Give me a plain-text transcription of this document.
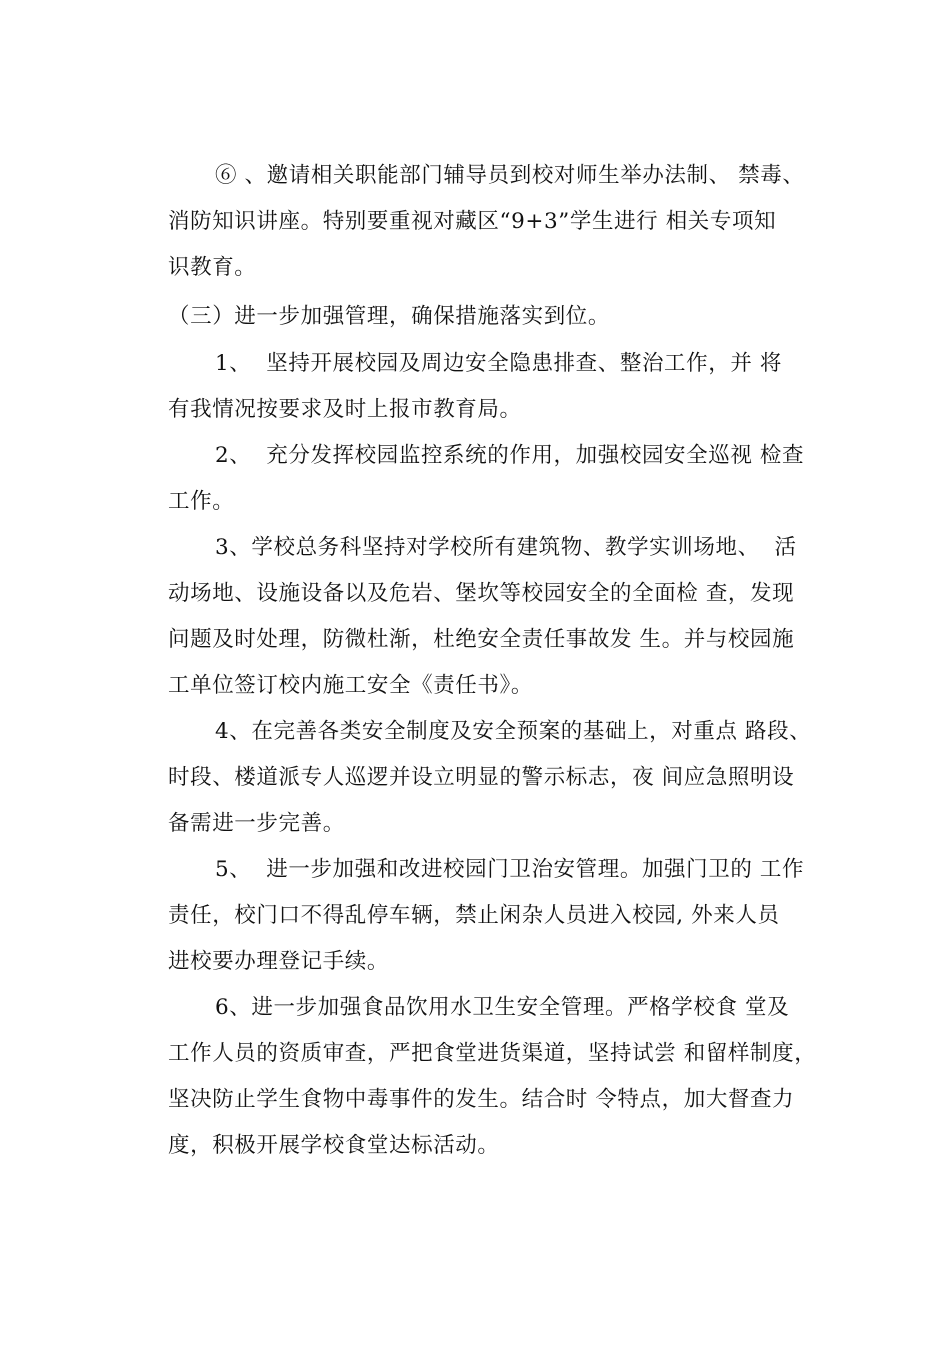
⑥ 、邀请相关职能部门辅导员到校对师生举办法制、 禁毒、
消防知识讲座。特别要重视对藏区“9+3”学生进行 相关专项知
识教育。
（三）进一步加强管理，确保措施落实到位。
1、  坚持开展校园及周边安全隐患排查、整治工作，并 将
有我情况按要求及时上报市教育局。
2、  充分发挥校园监控系统的作用，加强校园安全巡视 检查
工作。
3、学校总务科坚持对学校所有建筑物、教学实训场地、  活
动场地、设施设备以及危岩、堡坎等校园安全的全面检 查，发现
问题及时处理，防微杜渐，杜绝安全责任事故发 生。并与校园施
工单位签订校内施工安全《责任书》。
4、在完善各类安全制度及安全预案的基础上，对重点 路段、
时段、楼道派专人巡逻并设立明显的警示标志，夜 间应急照明设
备需进一步完善。
5、  进一步加强和改进校园门卫治安管理。加强门卫的 工作
责任，校门口不得乱停车辆，禁止闲杂人员进入校园, 外来人员
进校要办理登记手续。
6、进一步加强食品饮用水卫生安全管理。严格学校食 堂及
工作人员的资质审查，严把食堂进货渠道，坚持试尝 和留样制度，
坚决防止学生食物中毒事件的发生。结合时 令特点，加大督查力
度，积极开展学校食堂达标活动。
